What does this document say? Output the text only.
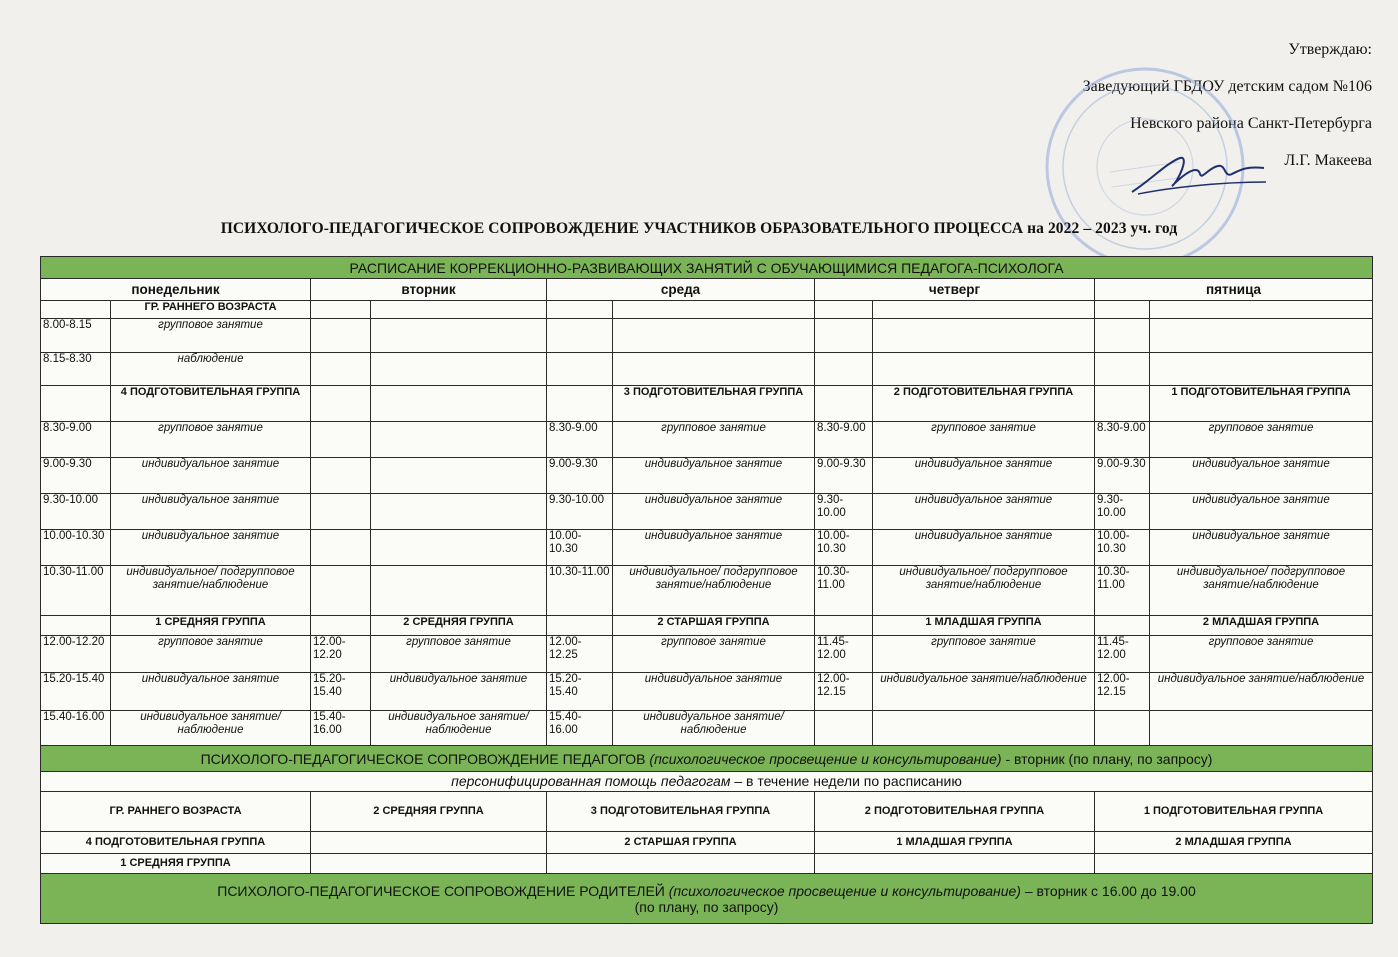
Утверждаю:
Заведующий ГБДОУ детским садом №106
Невского района Санкт-Петербурга
Л.Г. Макеева
ПСИХОЛОГО-ПЕДАГОГИЧЕСКОЕ СОПРОВОЖДЕНИЕ УЧАСТНИКОВ ОБРАЗОВАТЕЛЬНОГО ПРОЦЕССА на 2022 – 2023 уч. год
РАСПИСАНИЕ КОРРЕКЦИОННО-РАЗВИВАЮЩИХ ЗАНЯТИЙ С ОБУЧАЮЩИМИСЯ ПЕДАГОГА-ПСИХОЛОГА									
понедельник		вторник		среда		четверг		пятница	
	ГР. РАННЕГО ВОЗРАСТА								
8.00-8.15	групповое занятие								
8.15-8.30	наблюдение								
	4 ПОДГОТОВИТЕЛЬНАЯ ГРУППА				3 ПОДГОТОВИТЕЛЬНАЯ ГРУППА		2 ПОДГОТОВИТЕЛЬНАЯ ГРУППА		1 ПОДГОТОВИТЕЛЬНАЯ ГРУППА
8.30-9.00	групповое занятие			8.30-9.00	групповое занятие	8.30-9.00	групповое занятие	8.30-9.00	групповое занятие
9.00-9.30	индивидуальное занятие			9.00-9.30	индивидуальное занятие	9.00-9.30	индивидуальное занятие	9.00-9.30	индивидуальное занятие
9.30-10.00	индивидуальное занятие			9.30-10.00	индивидуальное занятие	9.30-10.00	индивидуальное занятие	9.30-10.00	индивидуальное занятие
10.00-10.30	индивидуальное занятие			10.00-10.30	индивидуальное занятие	10.00-10.30	индивидуальное занятие	10.00-10.30	индивидуальное занятие
10.30-11.00	индивидуальное/ подгрупповое занятие/наблюдение			10.30-11.00	индивидуальное/ подгрупповое занятие/наблюдение	10.30-11.00	индивидуальное/ подгрупповое занятие/наблюдение	10.30-11.00	индивидуальное/ подгрупповое занятие/наблюдение
	1 СРЕДНЯЯ ГРУППА		2 СРЕДНЯЯ ГРУППА		2 СТАРШАЯ ГРУППА		1 МЛАДШАЯ ГРУППА		2 МЛАДШАЯ ГРУППА
12.00-12.20	групповое занятие	12.00-12.20	групповое занятие	12.00-12.25	групповое занятие	11.45-12.00	групповое занятие	11.45-12.00	групповое занятие
15.20-15.40	индивидуальное занятие	15.20-15.40	индивидуальное занятие	15.20-15.40	индивидуальное занятие	12.00-12.15	индивидуальное занятие/наблюдение	12.00-12.15	индивидуальное занятие/наблюдение
15.40-16.00	индивидуальное занятие/наблюдение	15.40-16.00	индивидуальное занятие/наблюдение	15.40-16.00	индивидуальное занятие/наблюдение				
ПСИХОЛОГО-ПЕДАГОГИЧЕСКОЕ СОПРОВОЖДЕНИЕ ПЕДАГОГОВ (психологическое просвещение и консультирование) - вторник (по плану, по запросу)									
персонифицированная помощь педагогам – в течение недели по расписанию									
ГР. РАННЕГО ВОЗРАСТА		2 СРЕДНЯЯ ГРУППА		3 ПОДГОТОВИТЕЛЬНАЯ ГРУППА		2 ПОДГОТОВИТЕЛЬНАЯ ГРУППА		1 ПОДГОТОВИТЕЛЬНАЯ ГРУППА	
4 ПОДГОТОВИТЕЛЬНАЯ ГРУППА				2 СТАРШАЯ ГРУППА		1 МЛАДШАЯ ГРУППА		2 МЛАДШАЯ ГРУППА	
1 СРЕДНЯЯ ГРУППА									
ПСИХОЛОГО-ПЕДАГОГИЧЕСКОЕ СОПРОВОЖДЕНИЕ РОДИТЕЛЕЙ (психологическое просвещение и консультирование) – вторник с 16.00 до 19.00
(по плану, по запросу)									
